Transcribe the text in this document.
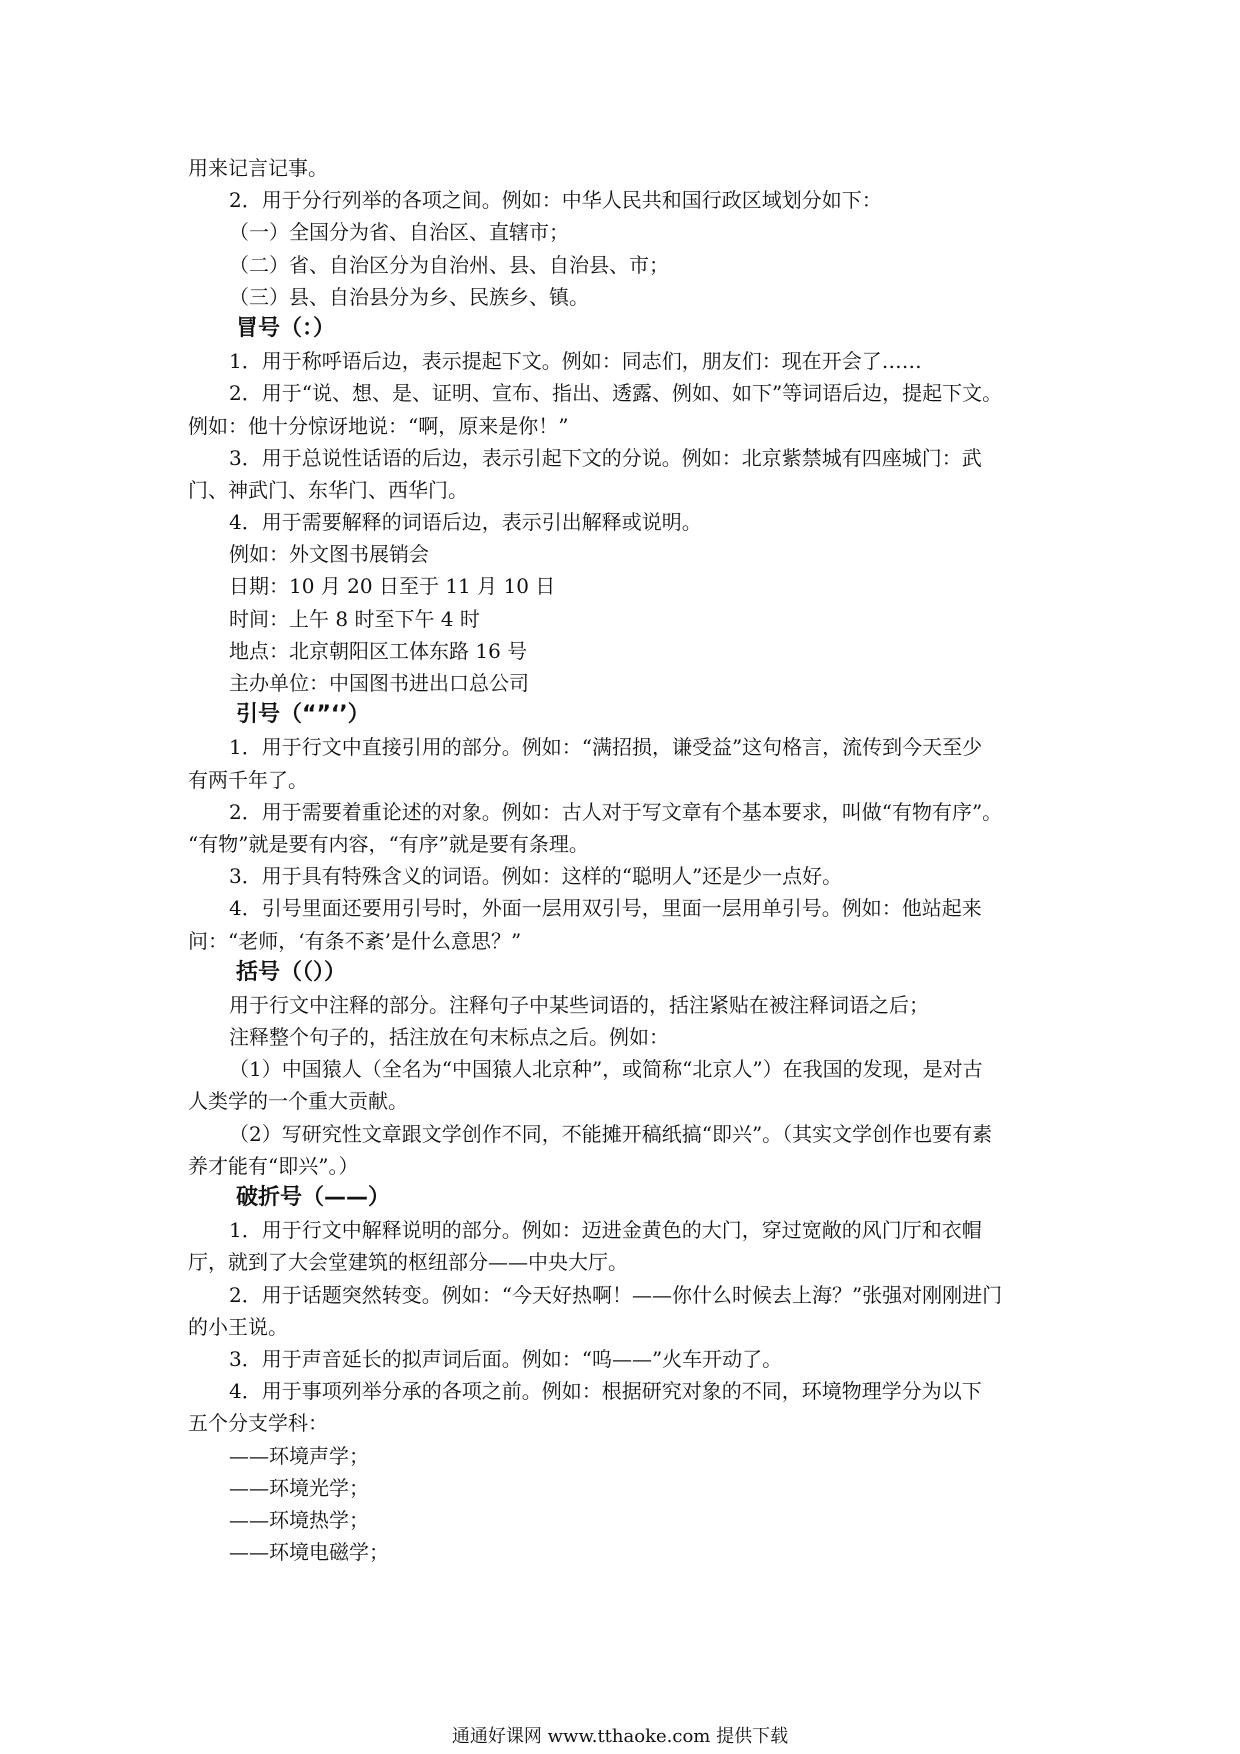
用来记言记事。
2．用于分行列举的各项之间。例如：中华人民共和国行政区域划分如下：
（一）全国分为省、自治区、直辖市；
（二）省、自治区分为自治州、县、自治县、市；
（三）县、自治县分为乡、民族乡、镇。
冒号（：）
1．用于称呼语后边，表示提起下文。例如：同志们，朋友们：现在开会了……
2．用于“说、想、是、证明、宣布、指出、透露、例如、如下”等词语后边，提起下文。
例如：他十分惊讶地说：“啊，原来是你！”
3．用于总说性话语的后边，表示引起下文的分说。例如：北京紫禁城有四座城门：武
门、神武门、东华门、西华门。
4．用于需要解释的词语后边，表示引出解释或说明。
例如：外文图书展销会
日期：10 月 20 日至于 11 月 10 日
时间：上午 8 时至下午 4 时
地点：北京朝阳区工体东路 16 号
主办单位：中国图书进出口总公司
引号（“”‘’）
1．用于行文中直接引用的部分。例如：“满招损，谦受益”这句格言，流传到今天至少
有两千年了。
2．用于需要着重论述的对象。例如：古人对于写文章有个基本要求，叫做“有物有序”。
“有物”就是要有内容，“有序”就是要有条理。
3．用于具有特殊含义的词语。例如：这样的“聪明人”还是少一点好。
4．引号里面还要用引号时，外面一层用双引号，里面一层用单引号。例如：他站起来
问：“老师，‘有条不紊’是什么意思？”
括号（（））
用于行文中注释的部分。注释句子中某些词语的，括注紧贴在被注释词语之后；
注释整个句子的，括注放在句末标点之后。例如：
（1）中国猿人（全名为“中国猿人北京种”，或简称“北京人”）在我国的发现，是对古
人类学的一个重大贡献。
（2）写研究性文章跟文学创作不同，不能摊开稿纸搞“即兴”。（其实文学创作也要有素
养才能有“即兴”。）
破折号（——）
1．用于行文中解释说明的部分。例如：迈进金黄色的大门，穿过宽敞的风门厅和衣帽
厅，就到了大会堂建筑的枢纽部分——中央大厅。
2．用于话题突然转变。例如：“今天好热啊！——你什么时候去上海？”张强对刚刚进门
的小王说。
3．用于声音延长的拟声词后面。例如：“呜——”火车开动了。
4．用于事项列举分承的各项之前。例如：根据研究对象的不同，环境物理学分为以下
五个分支学科：
——环境声学；
——环境光学；
——环境热学；
——环境电磁学；
通通好课网 www.tthaoke.com 提供下载
